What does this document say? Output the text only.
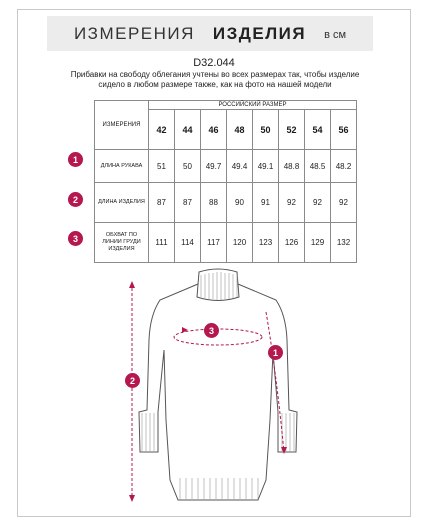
ИЗМЕРЕНИЯ ИЗДЕЛИЯ в см
D32.044
Прибавки на свободу облегания учтены во всех размерах так, чтобы изделие сидело в любом размере также, как на фото на нашей модели
ИЗМЕРЕНИЯ	РОССИЙСКИЙ РАЗМЕР							
	42	44	46	48	50	52	54	56
ДЛИНА РУКАВА	51	50	49.7	49.4	49.1	48.8	48.5	48.2
ДЛИНА ИЗДЕЛИЯ	87	87	88	90	91	92	92	92
ОБХВАТ ПО ЛИНИИ ГРУДИ ИЗДЕЛИЯ	111	114	117	120	123	126	129	132
1
2
3
1
2
3
